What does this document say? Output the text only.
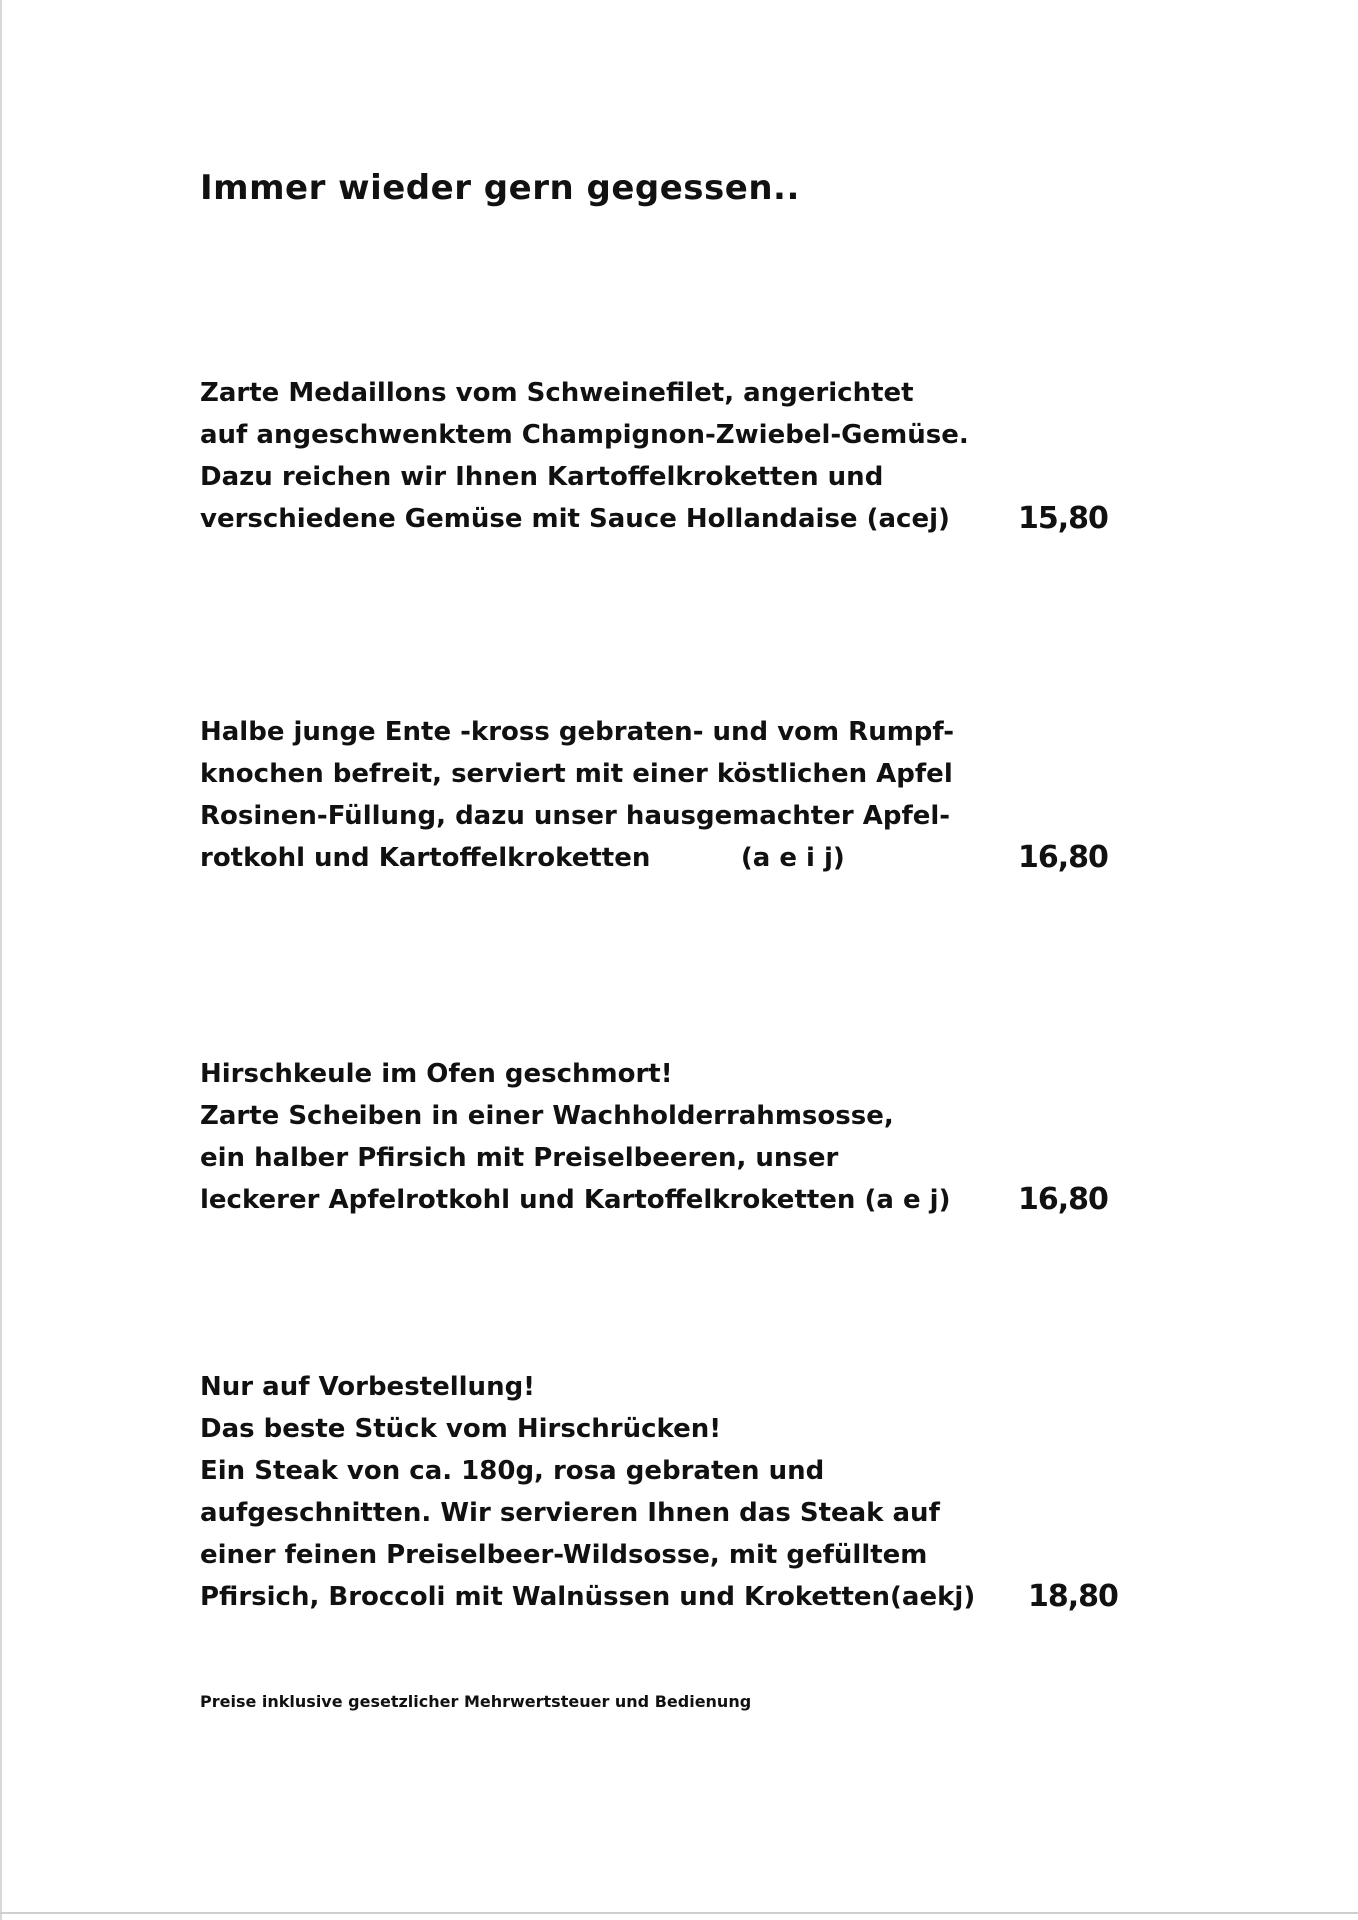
Immer wieder gern gegessen..
Zarte Medaillons vom Schweinefilet, angerichtet
auf angeschwenktem Champignon-Zwiebel-Gemüse.
Dazu reichen wir Ihnen Kartoffelkroketten und
verschiedene Gemüse mit Sauce Hollandaise (acej) 15,80
Halbe junge Ente -kross gebraten- und vom Rumpf-
knochen befreit, serviert mit einer köstlichen Apfel
Rosinen-Füllung, dazu unser hausgemachter Apfel-
rotkohl und Kartoffelkroketten          (a e i j)	16,80
Hirschkeule im Ofen geschmort!
Zarte Scheiben in einer Wachholderrahmsosse,
ein halber Pfirsich mit Preiselbeeren, unser
leckerer Apfelrotkohl und Kartoffelkroketten (a e j) 16,80
Nur auf Vorbestellung!
Das beste Stück vom Hirschrücken!
Ein Steak von ca. 180g, rosa gebraten und
aufgeschnitten. Wir servieren Ihnen das Steak auf
einer feinen Preiselbeer-Wildsosse, mit gefülltem
Pfirsich, Broccoli mit Walnüssen und Kroketten(aekj) 18,80
Preise inklusive gesetzlicher Mehrwertsteuer und Bedienung
